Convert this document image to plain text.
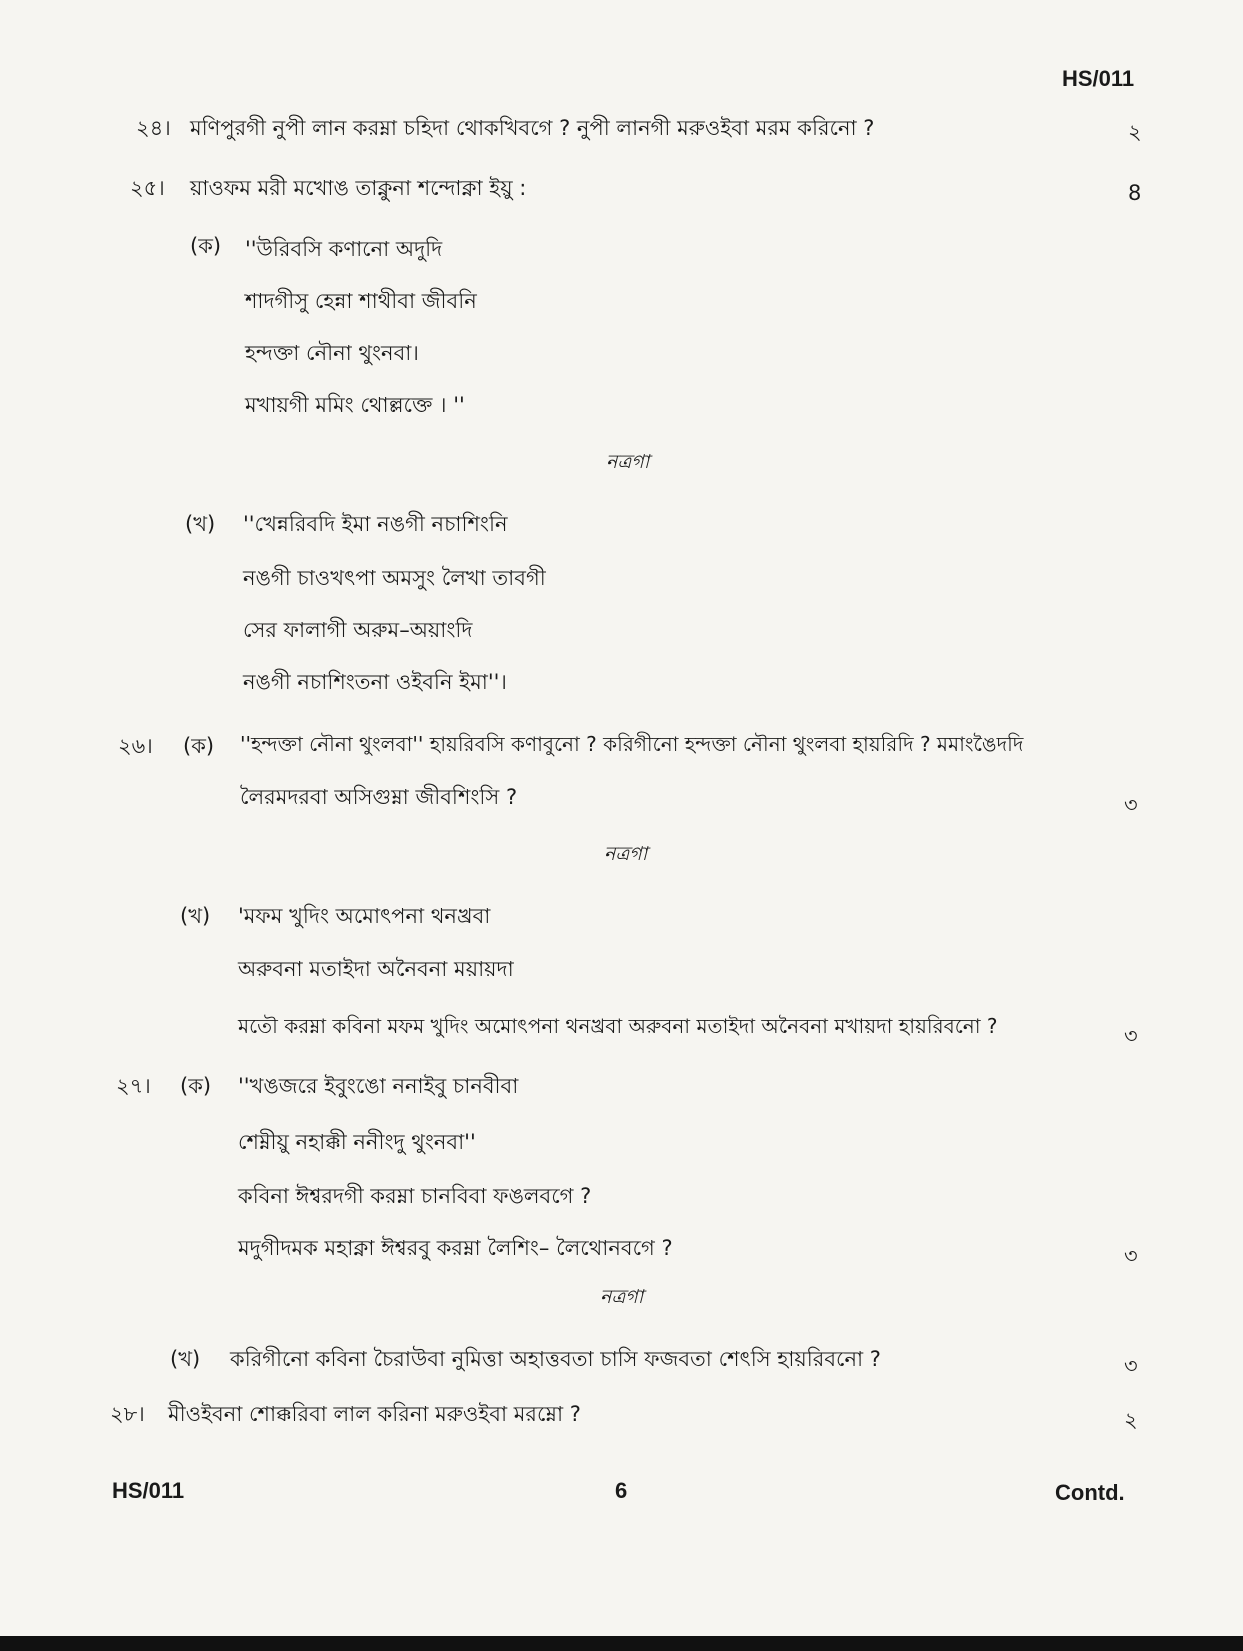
HS/011
২৪। মণিপুরগী নুপী লান করম্না চহিদা থোকখিবগে ? নুপী লানগী মরুওইবা মরম করিনো ?	২
২৫। য়াওফম মরী মখোঙ তাক্নুনা শন্দোক্না ইয়ু :	8
(ক) ''উরিবসি কণানো অদুদি
শাদগীসু হেন্না শাথীবা জীবনি
হন্দক্তা নৌনা থুংনবা।
মখায়গী মমিং থোল্লক্তে । ''
নত্রগা
(খ) ''খেন্নরিবদি ইমা নঙগী নচাশিংনি
নঙগী চাওখৎপা অমসুং লৈখা তাবগী
সের ফালাগী অরুম–অয়াংদি
নঙগী নচাশিংতনা ওইবনি ইমা''।
২৬। (ক) ''হন্দক্তা নৌনা থুংলবা'' হায়রিবসি কণাবুনো ? করিগীনো হন্দক্তা নৌনা থুংলবা হায়রিদি ? মমাংঙৈদদি
লৈরমদরবা অসিগুম্না জীবশিংসি ?	৩
নত্রগা
(খ) 'মফম খুদিং অমোৎপনা থনখ্রবা
অরুবনা মতাইদা অনৈবনা ময়ায়দা
মতৌ করম্না কবিনা মফম খুদিং অমোৎপনা থনখ্রবা অরুবনা মতাইদা অনৈবনা মখায়দা হায়রিবনো ?	৩
২৭। (ক) ''খঙজরে ইবুংঙো ননাইবু চানবীবা
শেম্নীয়ু নহাক্কী ননীংদু থুংনবা''
কবিনা ঈশ্বরদগী করম্না চানবিবা ফঙলবগে ?
মদুগীদমক মহাক্না ঈশ্বরবু করম্না লৈশিং– লৈথোনবগে ?	৩
নত্রগা
(খ) করিগীনো কবিনা চৈরাউবা নুমিত্তা অহাত্তবতা চাসি ফজবতা শেৎসি হায়রিবনো ?	৩
২৮। মীওইবনা শোক্করিবা লাল করিনা মরুওইবা মরম্নো ?	২
HS/011	6	Contd.
